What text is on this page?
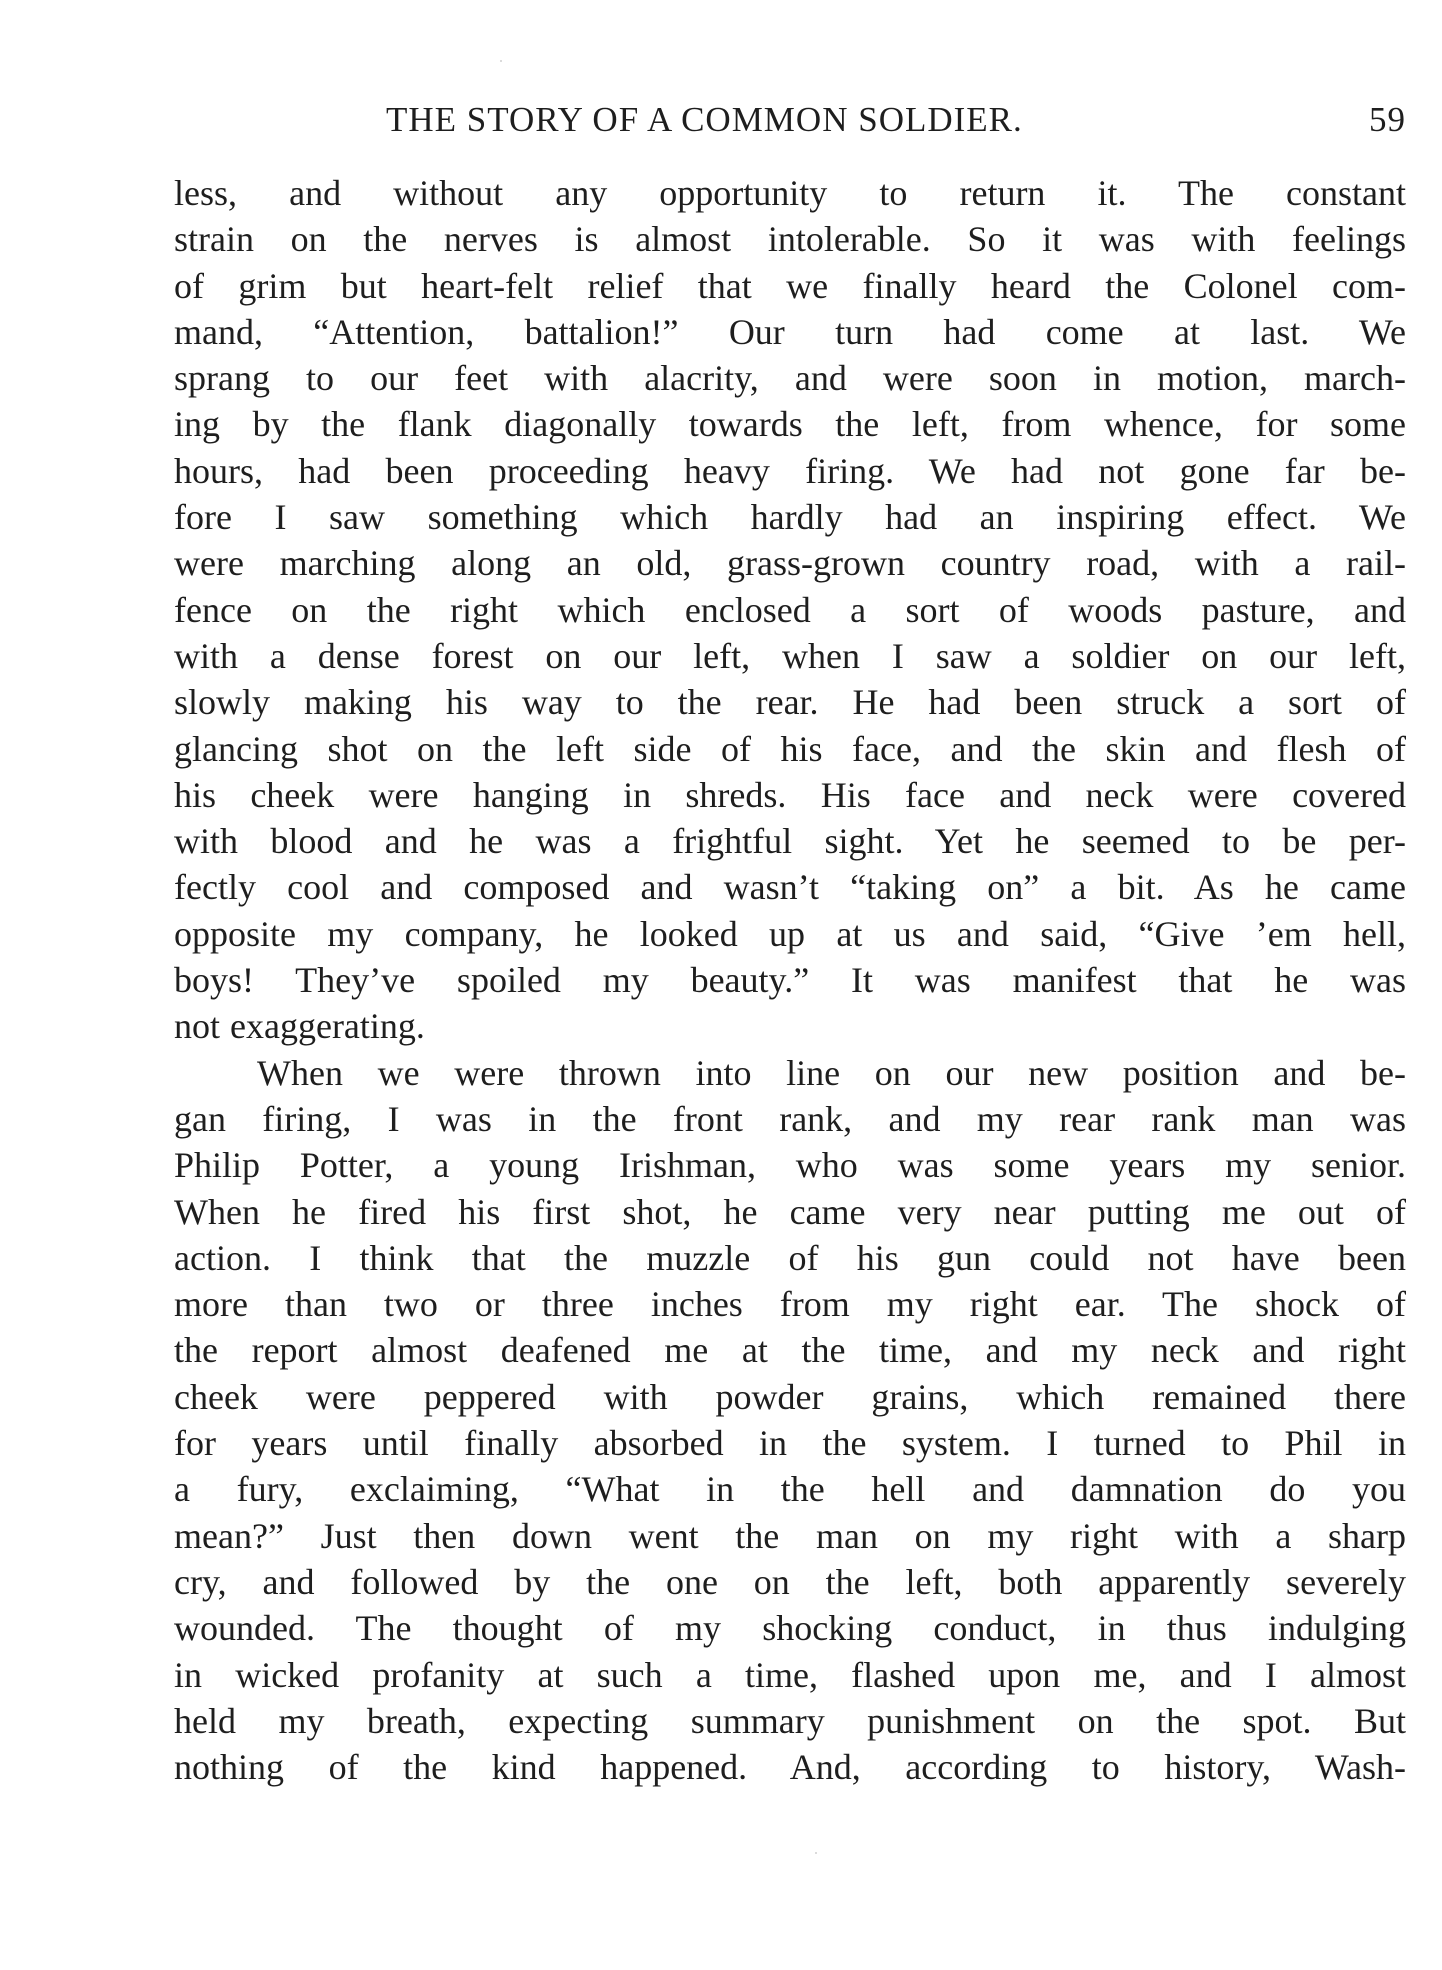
THE STORY OF A COMMON SOLDIER.	59
less, and without any opportunity to return it. The constant
strain on the nerves is almost intolerable. So it was with feelings
of grim but heart-felt relief that we finally heard the Colonel com-
mand, “Attention, battalion!” Our turn had come at last. We
sprang to our feet with alacrity, and were soon in motion, march-
ing by the flank diagonally towards the left, from whence, for some
hours, had been proceeding heavy firing. We had not gone far be-
fore I saw something which hardly had an inspiring effect. We
were marching along an old, grass-grown country road, with a rail-
fence on the right which enclosed a sort of woods pasture, and
with a dense forest on our left, when I saw a soldier on our left,
slowly making his way to the rear. He had been struck a sort of
glancing shot on the left side of his face, and the skin and flesh of
his cheek were hanging in shreds. His face and neck were covered
with blood and he was a frightful sight. Yet he seemed to be per-
fectly cool and composed and wasn’t “taking on” a bit. As he came
opposite my company, he looked up at us and said, “Give ’em hell,
boys! They’ve spoiled my beauty.” It was manifest that he was
not exaggerating.
When we were thrown into line on our new position and be-
gan firing, I was in the front rank, and my rear rank man was
Philip Potter, a young Irishman, who was some years my senior.
When he fired his first shot, he came very near putting me out of
action. I think that the muzzle of his gun could not have been
more than two or three inches from my right ear. The shock of
the report almost deafened me at the time, and my neck and right
cheek were peppered with powder grains, which remained there
for years until finally absorbed in the system. I turned to Phil in
a fury, exclaiming, “What in the hell and damnation do you
mean?” Just then down went the man on my right with a sharp
cry, and followed by the one on the left, both apparently severely
wounded. The thought of my shocking conduct, in thus indulging
in wicked profanity at such a time, flashed upon me, and I almost
held my breath, expecting summary punishment on the spot. But
nothing of the kind happened. And, according to history, Wash-
